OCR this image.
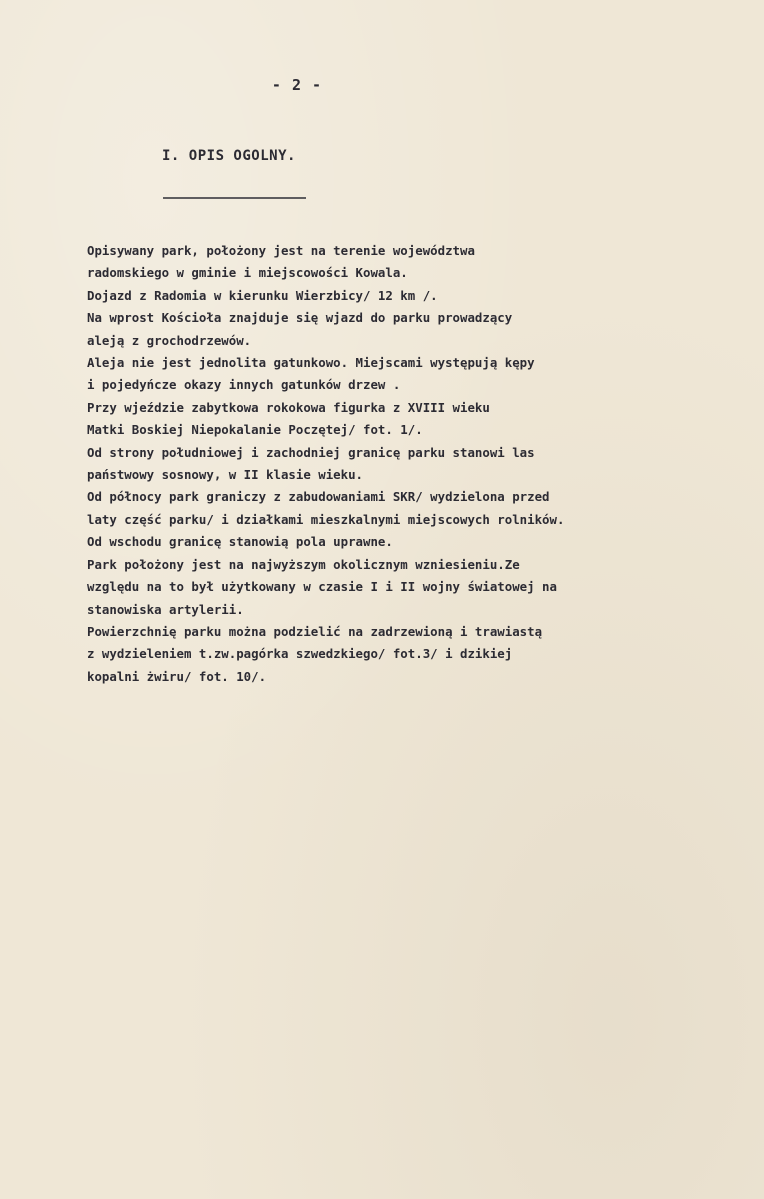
- 2 -
I. OPIS OGOLNY.
Opisywany park, położony jest na terenie województwa
radomskiego w gminie i miejscowości Kowala.
Dojazd z Radomia w kierunku Wierzbicy/ 12 km /.
Na wprost Kościoła znajduje się wjazd do parku prowadzący
aleją z grochodrzewów.
Aleja nie jest jednolita gatunkowo. Miejscami występują kępy
i pojedyńcze okazy innych gatunków drzew .
Przy wjeździe zabytkowa rokokowa figurka z XVIII wieku
Matki Boskiej Niepokalanie Poczętej/ fot. 1/.
Od strony południowej i zachodniej granicę parku stanowi las
państwowy sosnowy, w II klasie wieku.
Od północy park graniczy z zabudowaniami SKR/ wydzielona przed
laty część parku/ i działkami mieszkalnymi miejscowych rolników.
Od wschodu granicę stanowią pola uprawne.
Park położony jest na najwyższym okolicznym wzniesieniu.Ze
względu na to był użytkowany w czasie I i II wojny światowej na
stanowiska artylerii.
Powierzchnię parku można podzielić na zadrzewioną i trawiastą
z wydzieleniem t.zw.pagórka szwedzkiego/ fot.3/ i dzikiej
kopalni żwiru/ fot. 10/.
